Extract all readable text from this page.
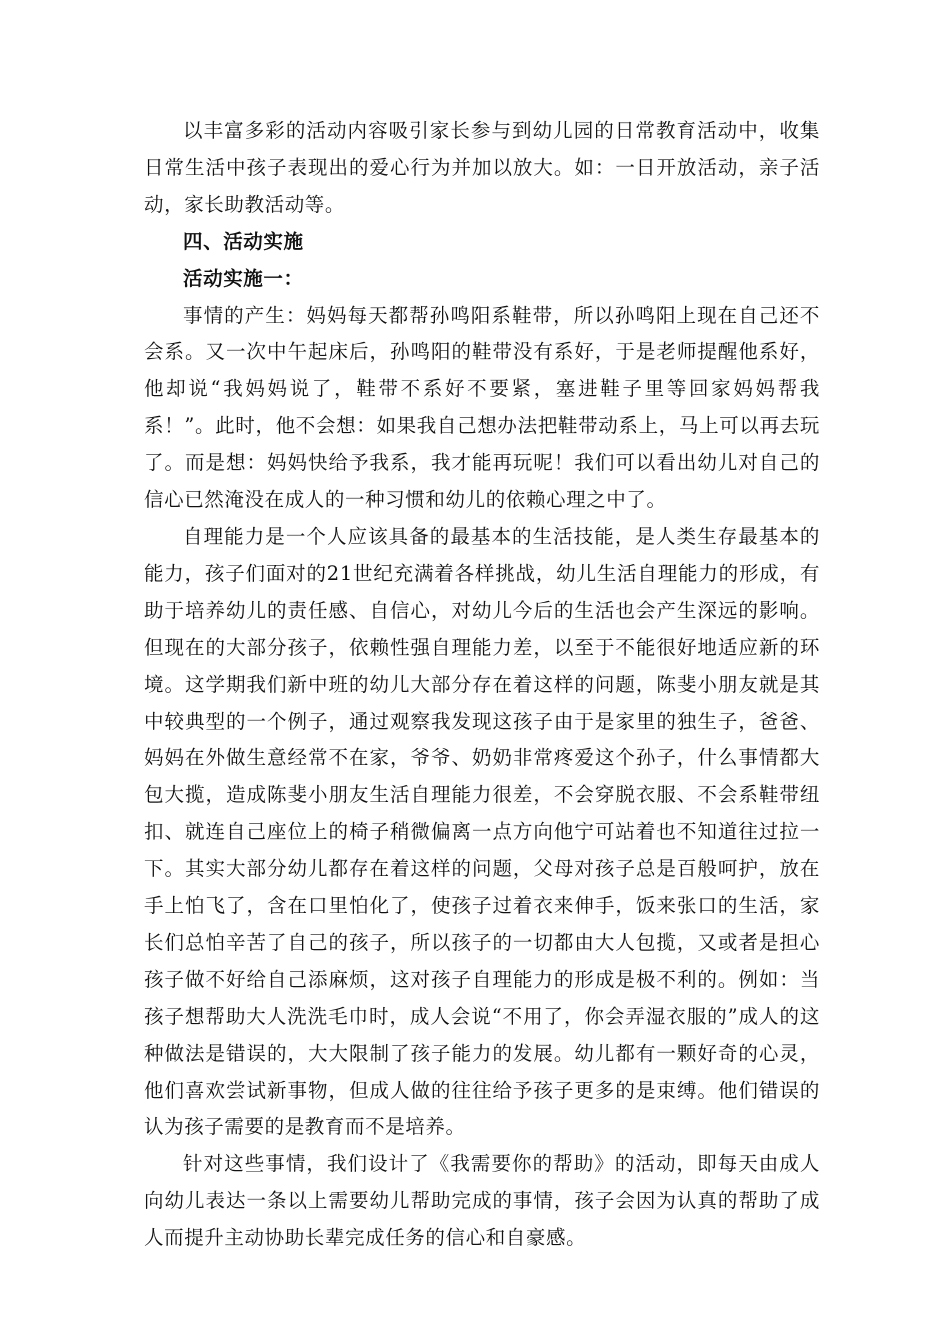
以丰富多彩的活动内容吸引家长参与到幼儿园的日常教育活动中，收集日常生活中孩子表现出的爱心行为并加以放大。如：一日开放活动，亲子活动，家长助教活动等。

四、活动实施

活动实施一：

事情的产生：妈妈每天都帮孙鸣阳系鞋带，所以孙鸣阳上现在自己还不会系。又一次中午起床后，孙鸣阳的鞋带没有系好，于是老师提醒他系好，他却说“我妈妈说了，鞋带不系好不要紧，塞进鞋子里等回家妈妈帮我系！”。此时，他不会想：如果我自己想办法把鞋带动系上，马上可以再去玩了。而是想：妈妈快给予我系，我才能再玩呢！我们可以看出幼儿对自己的信心已然淹没在成人的一种习惯和幼儿的依赖心理之中了。

自理能力是一个人应该具备的最基本的生活技能，是人类生存最基本的能力，孩子们面对的21世纪充满着各样挑战，幼儿生活自理能力的形成，有助于培养幼儿的责任感、自信心，对幼儿今后的生活也会产生深远的影响。但现在的大部分孩子，依赖性强自理能力差，以至于不能很好地适应新的环境。这学期我们新中班的幼儿大部分存在着这样的问题，陈斐小朋友就是其中较典型的一个例子，通过观察我发现这孩子由于是家里的独生子，爸爸、妈妈在外做生意经常不在家，爷爷、奶奶非常疼爱这个孙子，什么事情都大包大揽，造成陈斐小朋友生活自理能力很差，不会穿脱衣服、不会系鞋带纽扣、就连自己座位上的椅子稍微偏离一点方向他宁可站着也不知道往过拉一下。其实大部分幼儿都存在着这样的问题，父母对孩子总是百般呵护，放在手上怕飞了，含在口里怕化了，使孩子过着衣来伸手，饭来张口的生活，家长们总怕辛苦了自己的孩子，所以孩子的一切都由大人包揽，又或者是担心孩子做不好给自己添麻烦，这对孩子自理能力的形成是极不利的。例如：当孩子想帮助大人洗洗毛巾时，成人会说“不用了，你会弄湿衣服的”成人的这种做法是错误的，大大限制了孩子能力的发展。幼儿都有一颗好奇的心灵，他们喜欢尝试新事物，但成人做的往往给予孩子更多的是束缚。他们错误的认为孩子需要的是教育而不是培养。

针对这些事情，我们设计了《我需要你的帮助》的活动，即每天由成人向幼儿表达一条以上需要幼儿帮助完成的事情，孩子会因为认真的帮助了成人而提升主动协助长辈完成任务的信心和自豪感。
